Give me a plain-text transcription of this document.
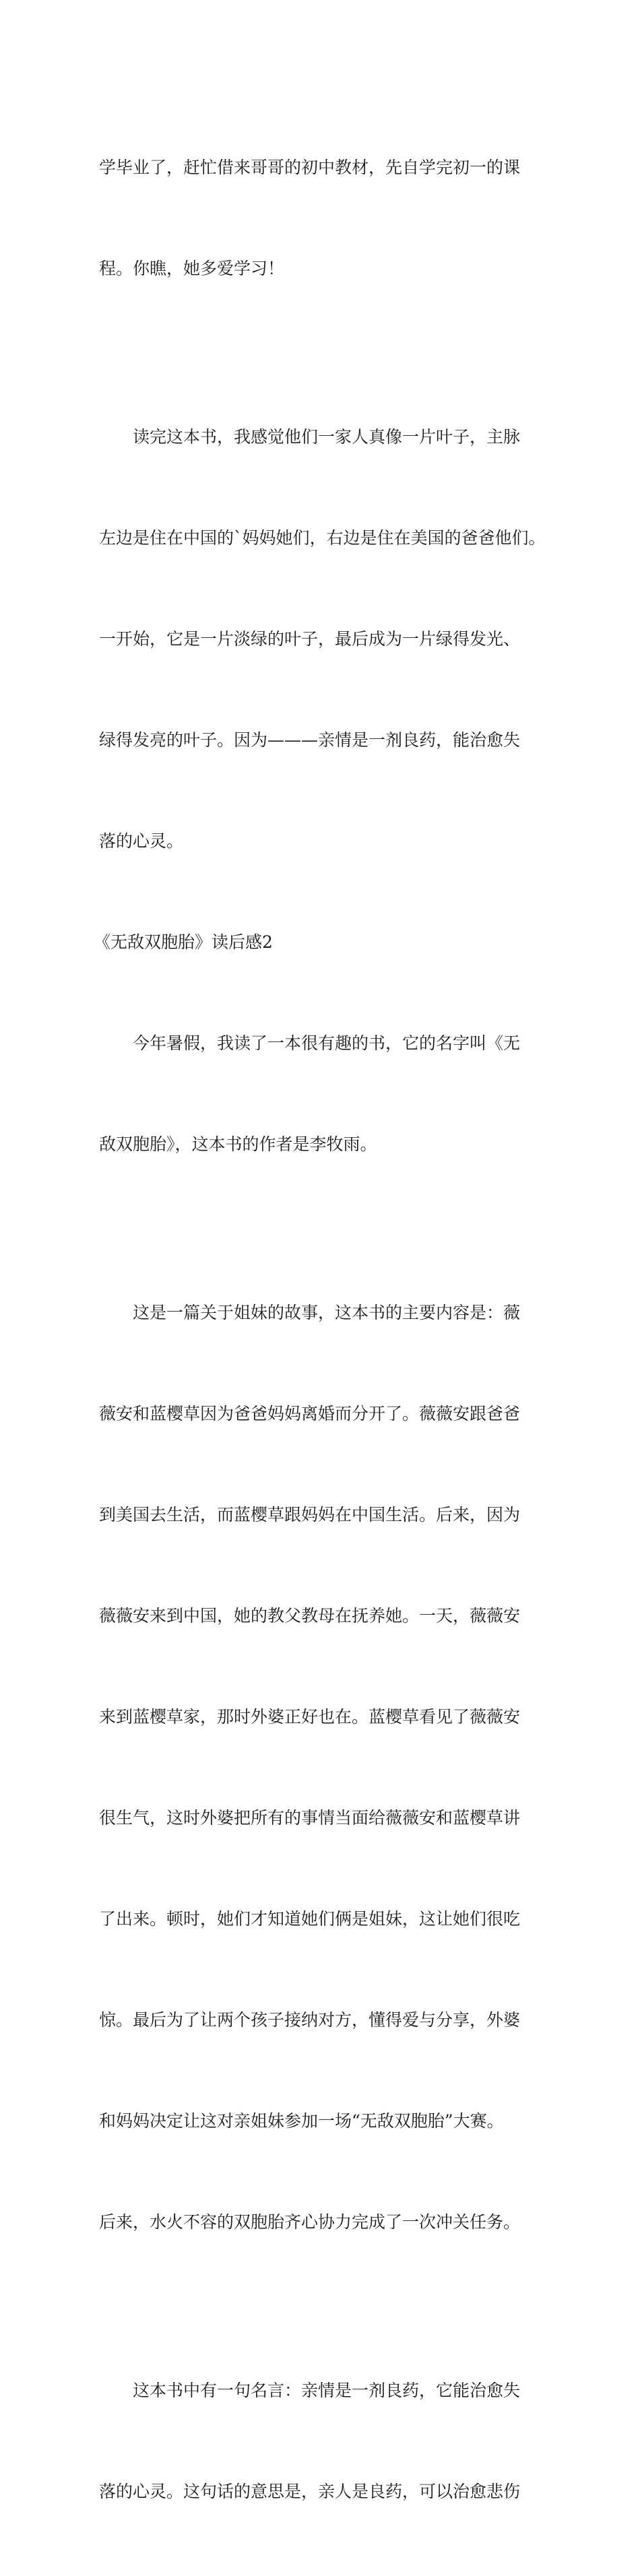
学毕业了，赶忙借来哥哥的初中教材，先自学完初一的课

程。你瞧，她多爱学习！

读完这本书，我感觉他们一家人真像一片叶子，主脉

左边是住在中国的`妈妈她们，右边是住在美国的爸爸他们。

一开始，它是一片淡绿的叶子，最后成为一片绿得发光、

绿得发亮的叶子。因为———亲情是一剂良药，能治愈失

落的心灵。

《无敌双胞胎》读后感2

今年暑假，我读了一本很有趣的书，它的名字叫《无

敌双胞胎》，这本书的作者是李牧雨。

这是一篇关于姐妹的故事，这本书的主要内容是：薇

薇安和蓝樱草因为爸爸妈妈离婚而分开了。薇薇安跟爸爸

到美国去生活，而蓝樱草跟妈妈在中国生活。后来，因为

薇薇安来到中国，她的教父教母在抚养她。一天，薇薇安

来到蓝樱草家，那时外婆正好也在。蓝樱草看见了薇薇安

很生气，这时外婆把所有的事情当面给薇薇安和蓝樱草讲

了出来。顿时，她们才知道她们俩是姐妹，这让她们很吃

惊。最后为了让两个孩子接纳对方，懂得爱与分享，外婆

和妈妈决定让这对亲姐妹参加一场“无敌双胞胎”大赛。

后来，水火不容的双胞胎齐心协力完成了一次冲关任务。

这本书中有一句名言：亲情是一剂良药，它能治愈失

落的心灵。这句话的意思是，亲人是良药，可以治愈悲伤
